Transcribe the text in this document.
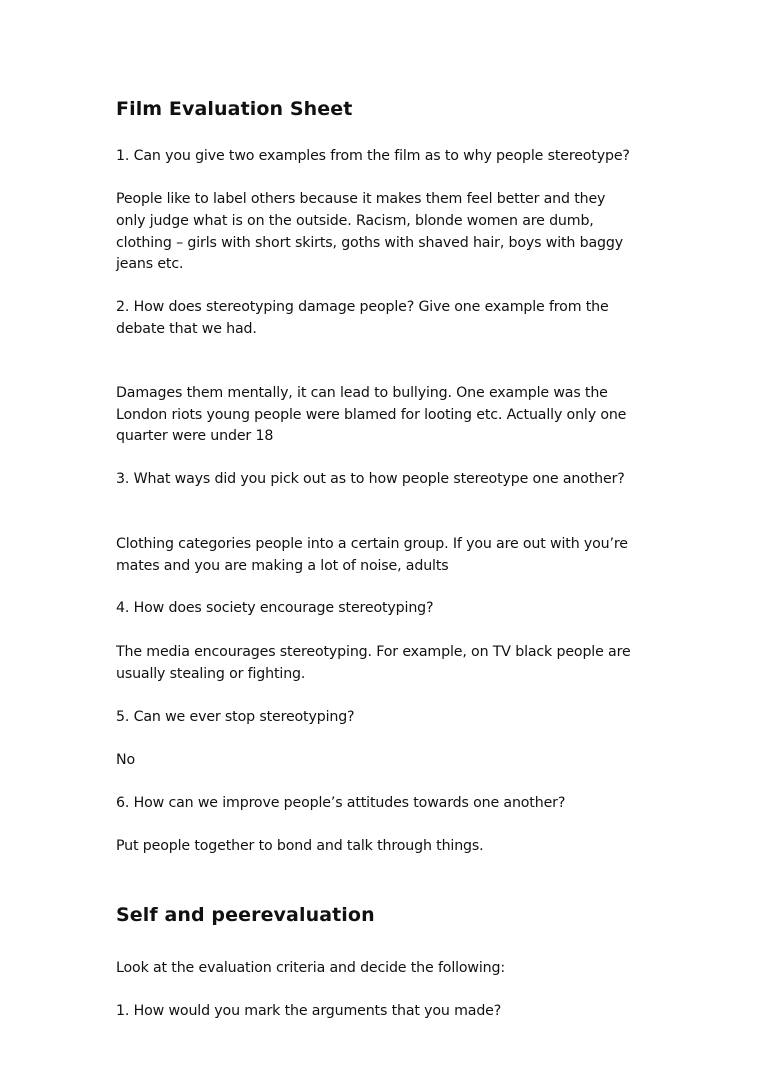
Film Evaluation Sheet
1. Can you give two examples from the film as to why people stereotype?
People like to label others because it makes them feel better and they
only judge what is on the outside. Racism, blonde women are dumb,
clothing – girls with short skirts, goths with shaved hair, boys with baggy
jeans etc.
2. How does stereotyping damage people? Give one example from the
debate that we had.
Damages them mentally, it can lead to bullying. One example was the
London riots young people were blamed for looting etc. Actually only one
quarter were under 18
3. What ways did you pick out as to how people stereotype one another?
Clothing categories people into a certain group. If you are out with you’re
mates and you are making a lot of noise, adults
4. How does society encourage stereotyping?
The media encourages stereotyping. For example, on TV black people are
usually stealing or fighting.
5. Can we ever stop stereotyping?
No
6. How can we improve people’s attitudes towards one another?
Put people together to bond and talk through things.
Self and peerevaluation
Look at the evaluation criteria and decide the following:
1. How would you mark the arguments that you made?
